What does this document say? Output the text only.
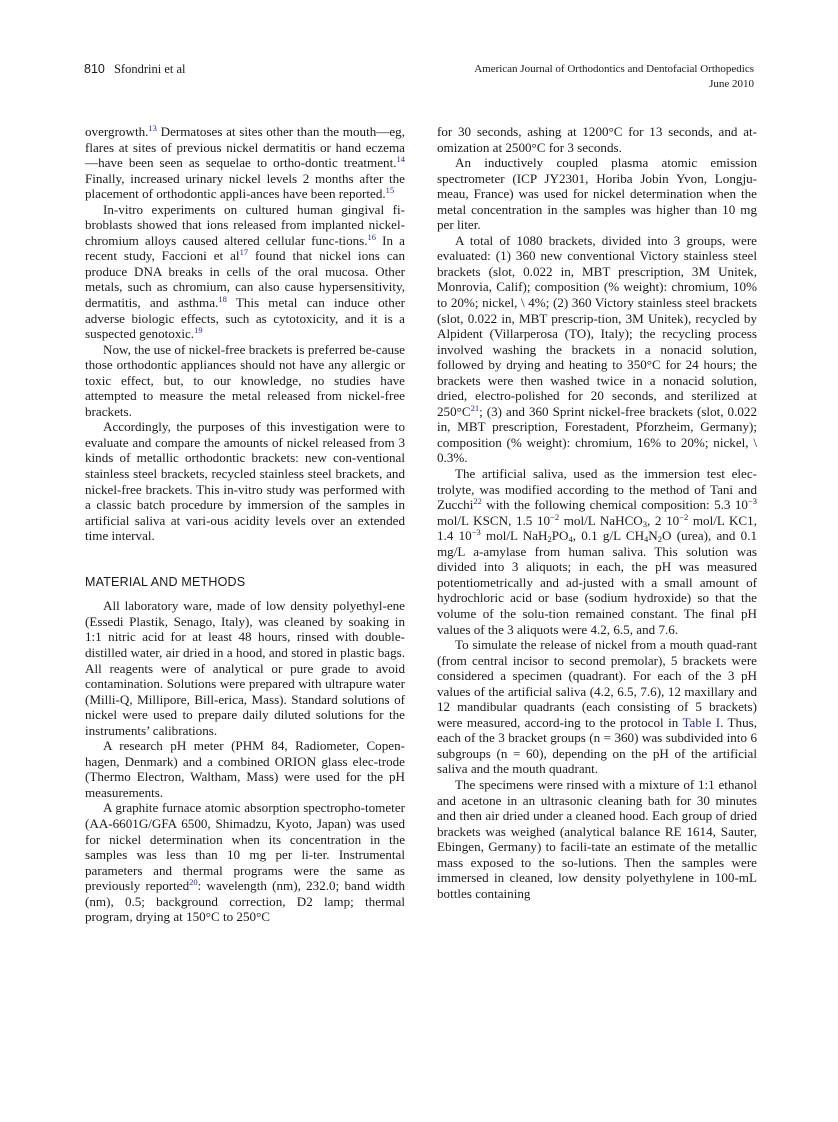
810 Sfondrini et al	American Journal of Orthodontics and Dentofacial Orthopedics
June 2010

overgrowth.$^{13}$ Dermatoses at sites other than the mouth—eg, flares at sites of previous nickel dermatitis or hand eczema—have been seen as sequelae to ortho-dontic treatment.$^{14}$ Finally, increased urinary nickel levels 2 months after the placement of orthodontic appli-ances have been reported.$^{15}$

In-vitro experiments on cultured human gingival fi-broblasts showed that ions released from implanted nickel-chromium alloys caused altered cellular func-tions.$^{16}$ In a recent study, Faccioni et $al^{17}$ found that nickel ions can produce DNA breaks in cells of the oral mucosa. Other metals, such as chromium, can also cause hypersensitivity, dermatitis, and asthma.$^{18}$ This metal can induce other adverse biologic effects, such as cytotoxicity, and it is a suspected genotoxic.$^{19}$

Now, the use of nickel-free brackets is preferred be-cause those orthodontic appliances should not have any allergic or toxic effect, but, to our knowledge, no studies have attempted to measure the metal released from nickel-free brackets.

Accordingly, the purposes of this investigation were to evaluate and compare the amounts of nickel released from 3 kinds of metallic orthodontic brackets: new con-ventional stainless steel brackets, recycled stainless steel brackets, and nickel-free brackets. This in-vitro study was performed with a classic batch procedure by immersion of the samples in artificial saliva at vari-ous acidity levels over an extended time interval.

MATERIAL AND METHODS

All laboratory ware, made of low density polyethyl-ene (Essedi Plastik, Senago, Italy), was cleaned by soaking in 1:1 nitric acid for at least 48 hours, rinsed with double-distilled water, air dried in a hood, and stored in plastic bags. All reagents were of analytical or pure grade to avoid contamination. Solutions were prepared with ultrapure water (Milli-Q, Millipore, Bill-erica, Mass). Standard solutions of nickel were used to prepare daily diluted solutions for the instruments’ calibrations.

A research pH meter (PHM 84, Radiometer, Copen-hagen, Denmark) and a combined ORION glass elec-trode (Thermo Electron, Waltham, Mass) were used for the pH measurements.

A graphite furnace atomic absorption spectropho-tometer (AA-6601G/GFA 6500, Shimadzu, Kyoto, Japan) was used for nickel determination when its concentration in the samples was less than 10 mg per li-ter. Instrumental parameters and thermal programs were the same as previously reported$^{20}$: wavelength (nm), 232.0; band width (nm), 0.5; background correction, D2 lamp; thermal program, drying at 150°C to 250°C

for 30 seconds, ashing at 1200°C for 13 seconds, and at-omization at 2500°C for 3 seconds.

An inductively coupled plasma atomic emission spectrometer (ICP JY2301, Horiba Jobin Yvon, Longju-meau, France) was used for nickel determination when the metal concentration in the samples was higher than 10 mg per liter.

A total of 1080 brackets, divided into 3 groups, were evaluated: (1) 360 new conventional Victory stainless steel brackets (slot, 0.022 in, MBT prescription, 3M Unitek, Monrovia, Calif); composition (% weight): chromium, 10% to 20%; nickel, \ 4%; (2) 360 Victory stainless steel brackets (slot, 0.022 in, MBT prescrip-tion, 3M Unitek), recycled by Alpident (Villarperosa (TO), Italy); the recycling process involved washing the brackets in a nonacid solution, followed by drying and heating to 350°C for 24 hours; the brackets were then washed twice in a nonacid solution, dried, electro-polished for 20 seconds, and sterilized at $250^\circ C^{21}$; (3) and 360 Sprint nickel-free brackets (slot, 0.022 in, MBT prescription, Forestadent, Pforzheim, Germany); composition (% weight): chromium, 16% to 20%; nickel, \ 0.3%.

The artificial saliva, used as the immersion test elec-trolyte, was modified according to the method of Tani and Zucchi$^{22}$ with the following chemical composition: 5.3 $10^{-3}$ mol/L KSCN, 1.5 $10^{-2}$ mol/L NaHCO$_3$, 2 $10^{-2}$ mol/L KC1, 1.4 $10^{-3}$ mol/L $NaH_2PO_4$, 0.1 g/L $CH_4N_2O$ (urea), and 0.1 mg/L a-amylase from human saliva. This solution was divided into 3 aliquots; in each, the pH was measured potentiometrically and ad-justed with a small amount of hydrochloric acid or base (sodium hydroxide) so that the volume of the solu-tion remained constant. The final pH values of the 3 aliquots were 4.2, 6.5, and 7.6.

To simulate the release of nickel from a mouth quad-rant (from central incisor to second premolar), 5 brackets were considered a specimen (quadrant). For each of the 3 pH values of the artificial saliva (4.2, 6.5, 7.6), 12 maxillary and 12 mandibular quadrants (each consisting of 5 brackets) were measured, accord-ing to the protocol in Table I. Thus, each of the 3 bracket groups (n = 360) was subdivided into 6 subgroups (n = 60), depending on the pH of the artificial saliva and the mouth quadrant.

The specimens were rinsed with a mixture of 1:1 ethanol and acetone in an ultrasonic cleaning bath for 30 minutes and then air dried under a cleaned hood. Each group of dried brackets was weighed (analytical balance RE 1614, Sauter, Ebingen, Germany) to facili-tate an estimate of the metallic mass exposed to the so-lutions. Then the samples were immersed in cleaned, low density polyethylene in 100-mL bottles containing
